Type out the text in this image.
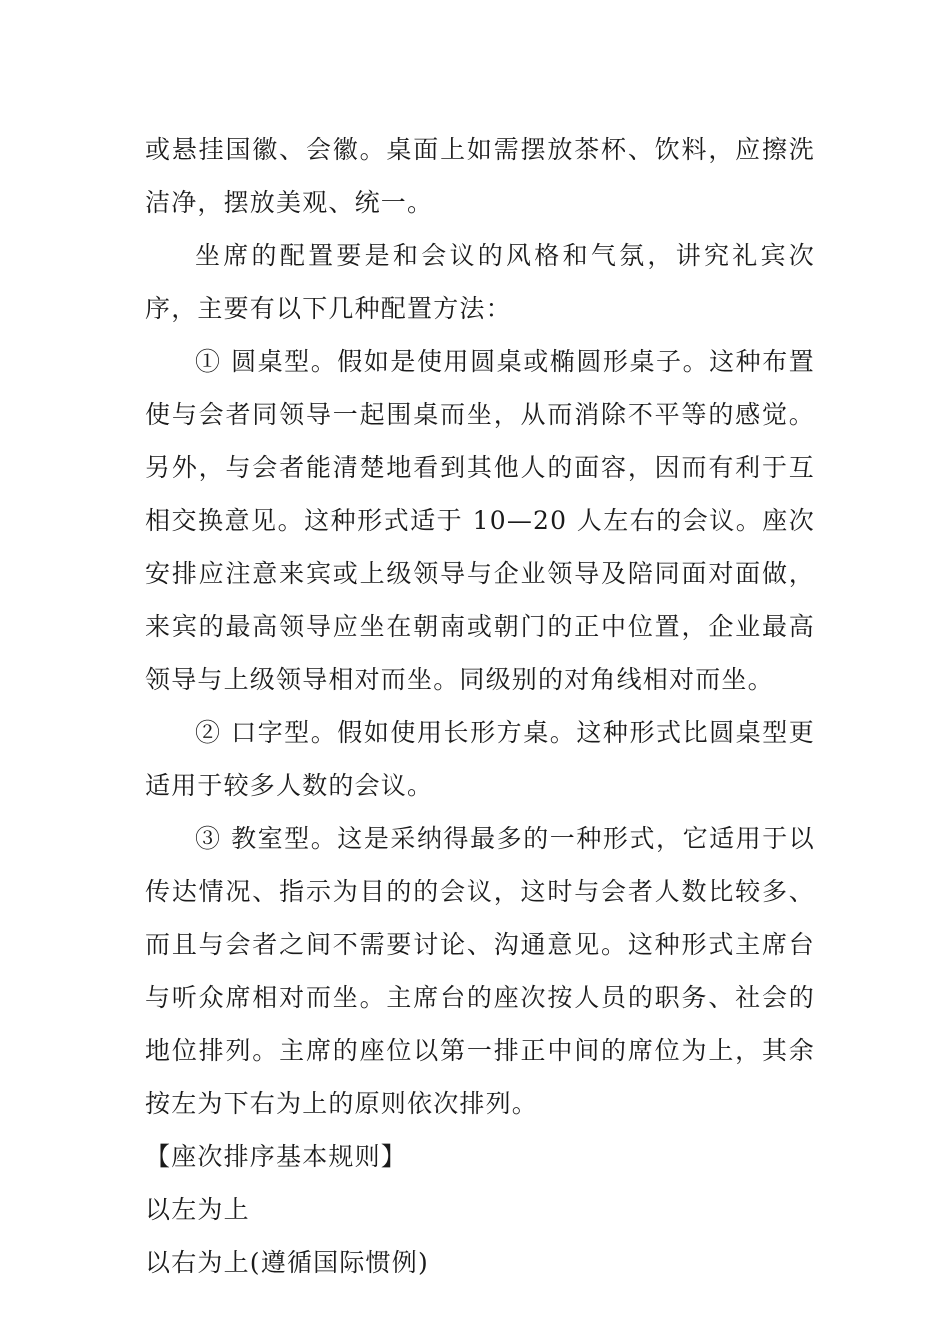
或悬挂国徽、会徽。桌面上如需摆放茶杯、饮料，应擦洗洁净，摆放美观、统一。

坐席的配置要是和会议的风格和气氛，讲究礼宾次序，主要有以下几种配置方法：

① 圆桌型。假如是使用圆桌或椭圆形桌子。这种布置使与会者同领导一起围桌而坐，从而消除不平等的感觉。另外，与会者能清楚地看到其他人的面容，因而有利于互相交换意见。这种形式适于 10—20 人左右的会议。座次安排应注意来宾或上级领导与企业领导及陪同面对面做，来宾的最高领导应坐在朝南或朝门的正中位置，企业最高领导与上级领导相对而坐。同级别的对角线相对而坐。

② 口字型。假如使用长形方桌。这种形式比圆桌型更适用于较多人数的会议。

③ 教室型。这是采纳得最多的一种形式，它适用于以传达情况、指示为目的的会议，这时与会者人数比较多、而且与会者之间不需要讨论、沟通意见。这种形式主席台与听众席相对而坐。主席台的座次按人员的职务、社会的地位排列。主席的座位以第一排正中间的席位为上，其余按左为下右为上的原则依次排列。

【座次排序基本规则】

以左为上

以右为上(遵循国际惯例)
